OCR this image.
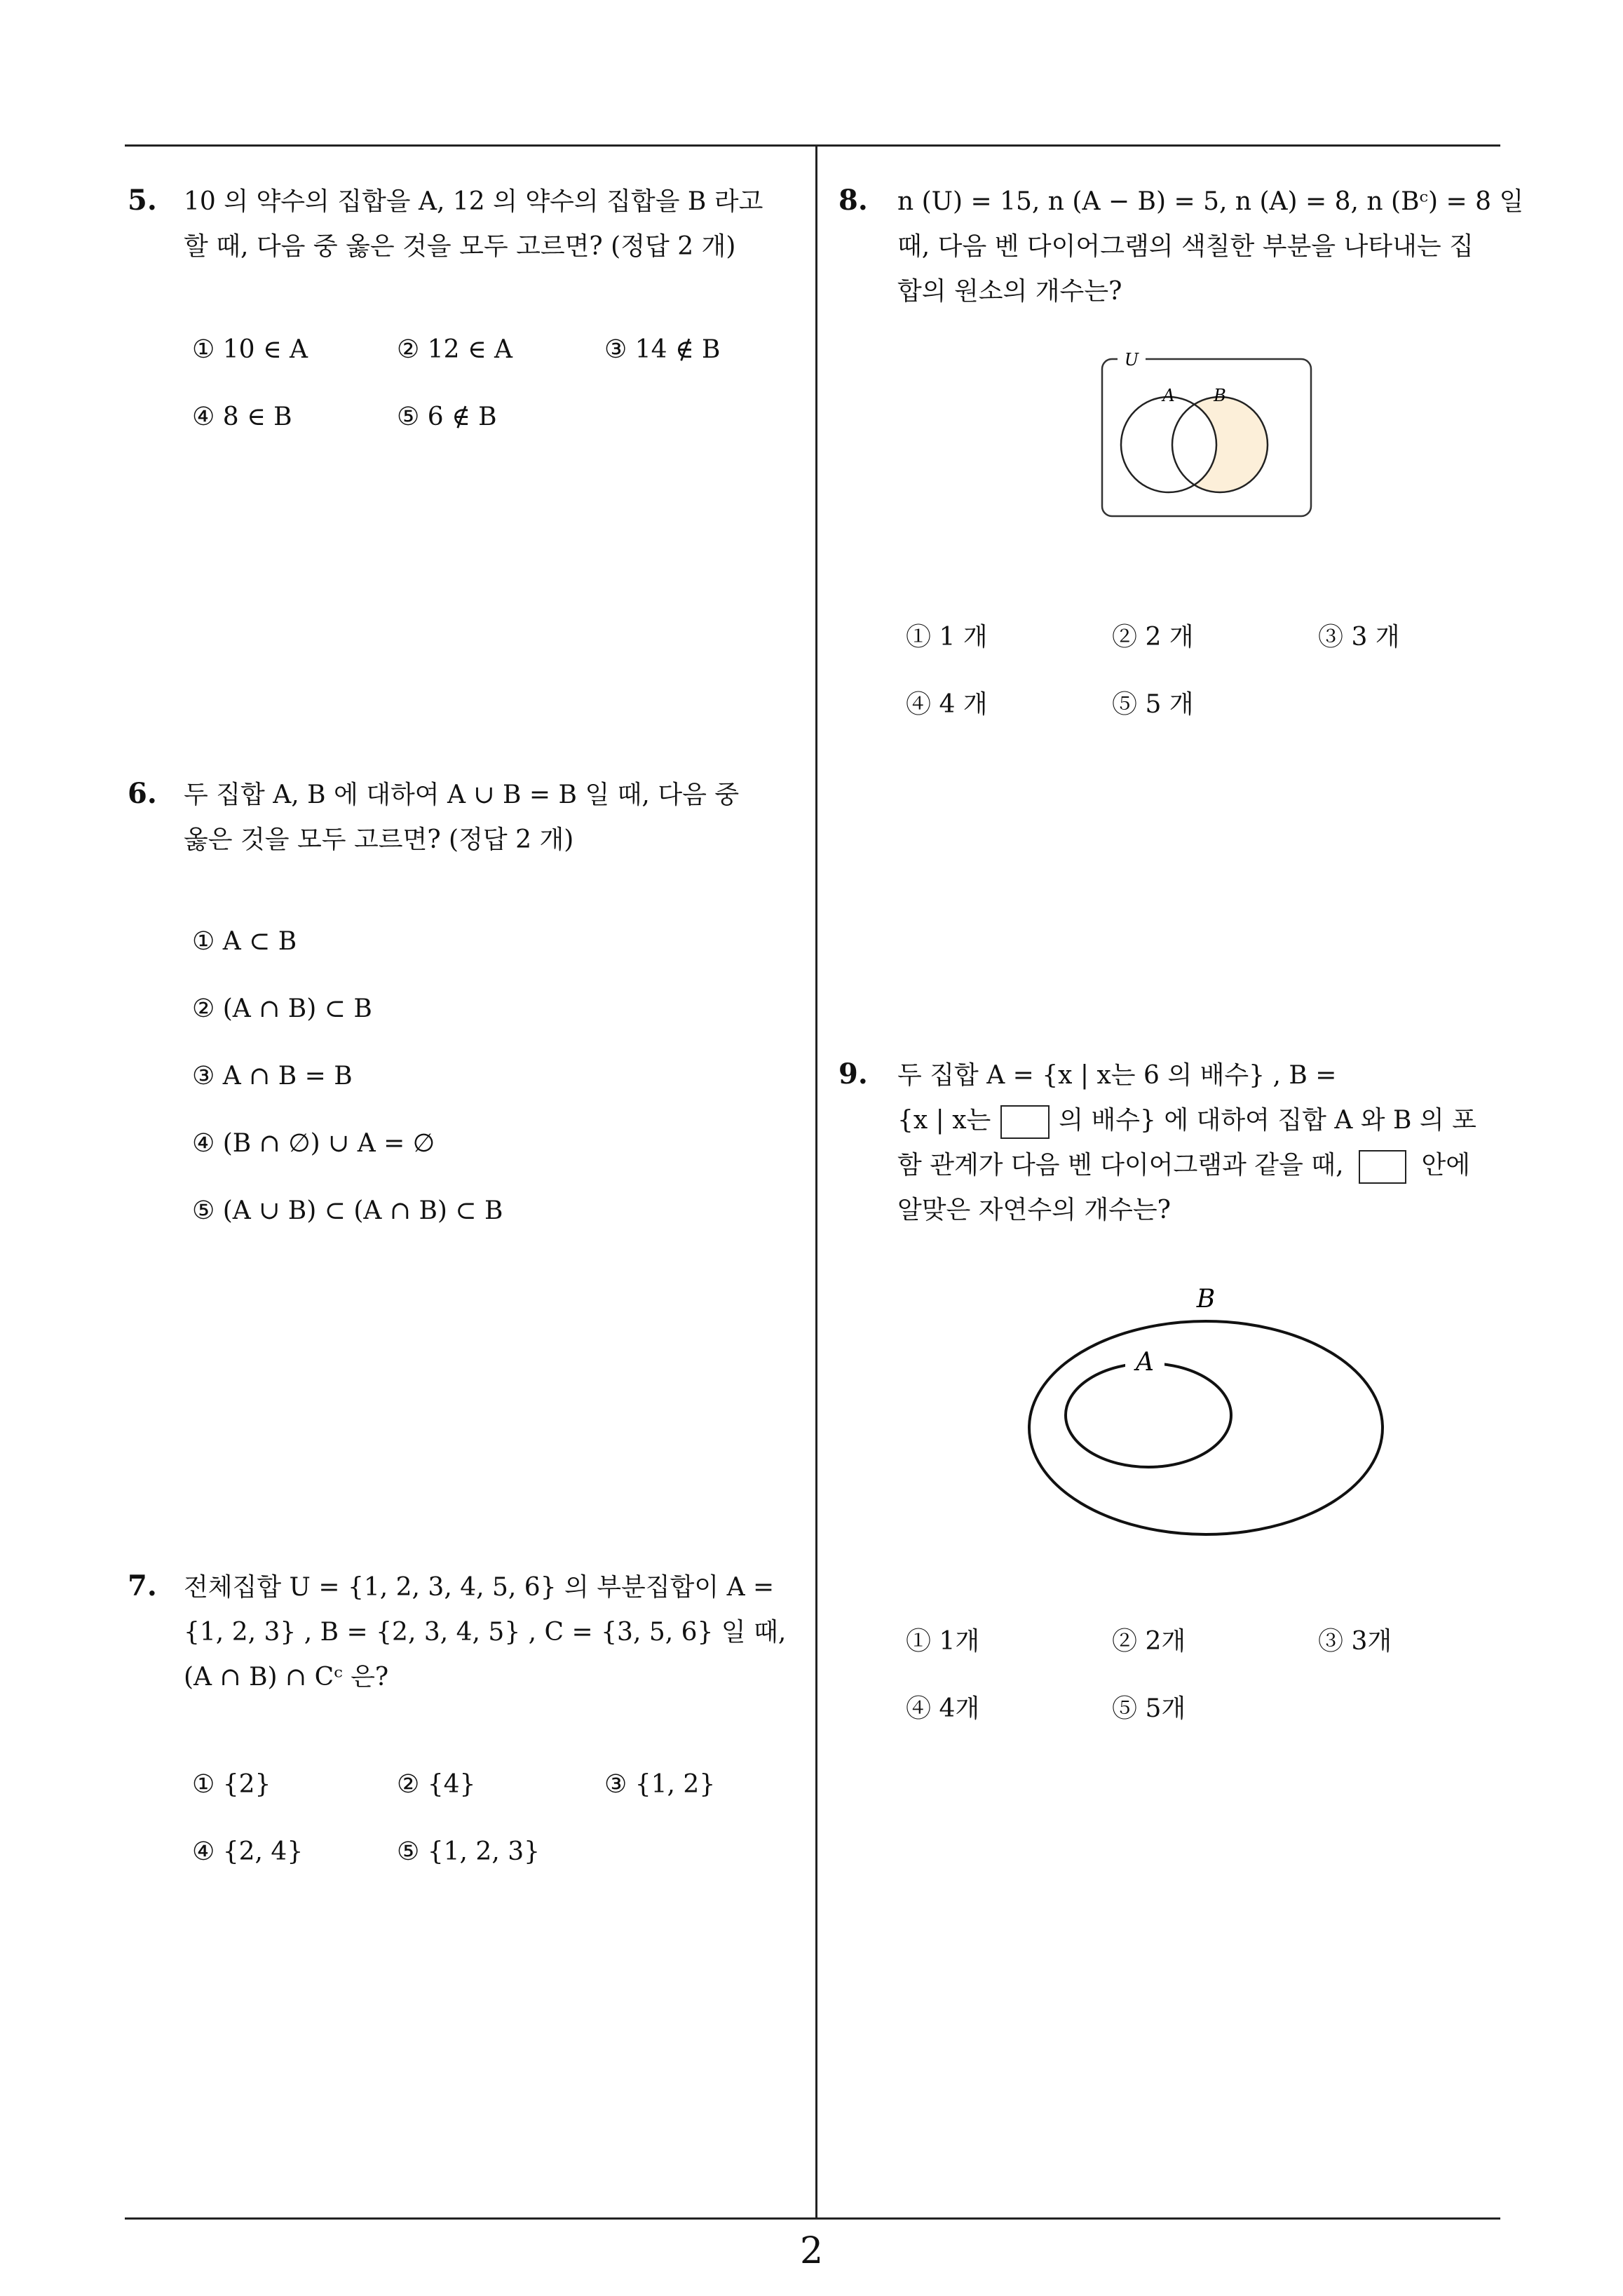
5. 10 의 약수의 집합을 A, 12 의 약수의 집합을 B 라고
할 때, 다음 중 옳은 것을 모두 고르면? (정답 2 개)
① 10 ∈ A	② 12 ∈ A	③ 14 ∉ B
④ 8 ∈ B	⑤ 6 ∉ B
6. 두 집합 A, B 에 대하여 A ∪ B = B 일 때, 다음 중
옳은 것을 모두 고르면? (정답 2 개)
① A ⊂ B
② (A ∩ B) ⊂ B
③ A ∩ B = B
④ (B ∩ ∅) ∪ A = ∅
⑤ (A ∪ B) ⊂ (A ∩ B) ⊂ B
7. 전체집합 U = {1, 2, 3, 4, 5, 6} 의 부분집합이 A =
{1, 2, 3} , B = {2, 3, 4, 5} , C = {3, 5, 6} 일 때,
(A ∩ B) ∩ Cᶜ 은?
① {2}	② {4}	③ {1, 2}
④ {2, 4}	⑤ {1, 2, 3}
8. n (U) = 15, n (A − B) = 5, n (A) = 8, n (Bᶜ) = 8 일
때, 다음 벤 다이어그램의 색칠한 부분을 나타내는 집
합의 원소의 개수는?
U
A B
① 1 개	② 2 개	③ 3 개
④ 4 개	⑤ 5 개
9. 두 집합 A = {x | x는 6 의 배수} , B =
{x | x는	의 배수} 에 대하여 집합 A 와 B 의 포
함 관계가 다음 벤 다이어그램과 같을 때,	안에
알맞은 자연수의 개수는?
B
A
① 1개	② 2개	③ 3개
④ 4개	⑤ 5개
2
